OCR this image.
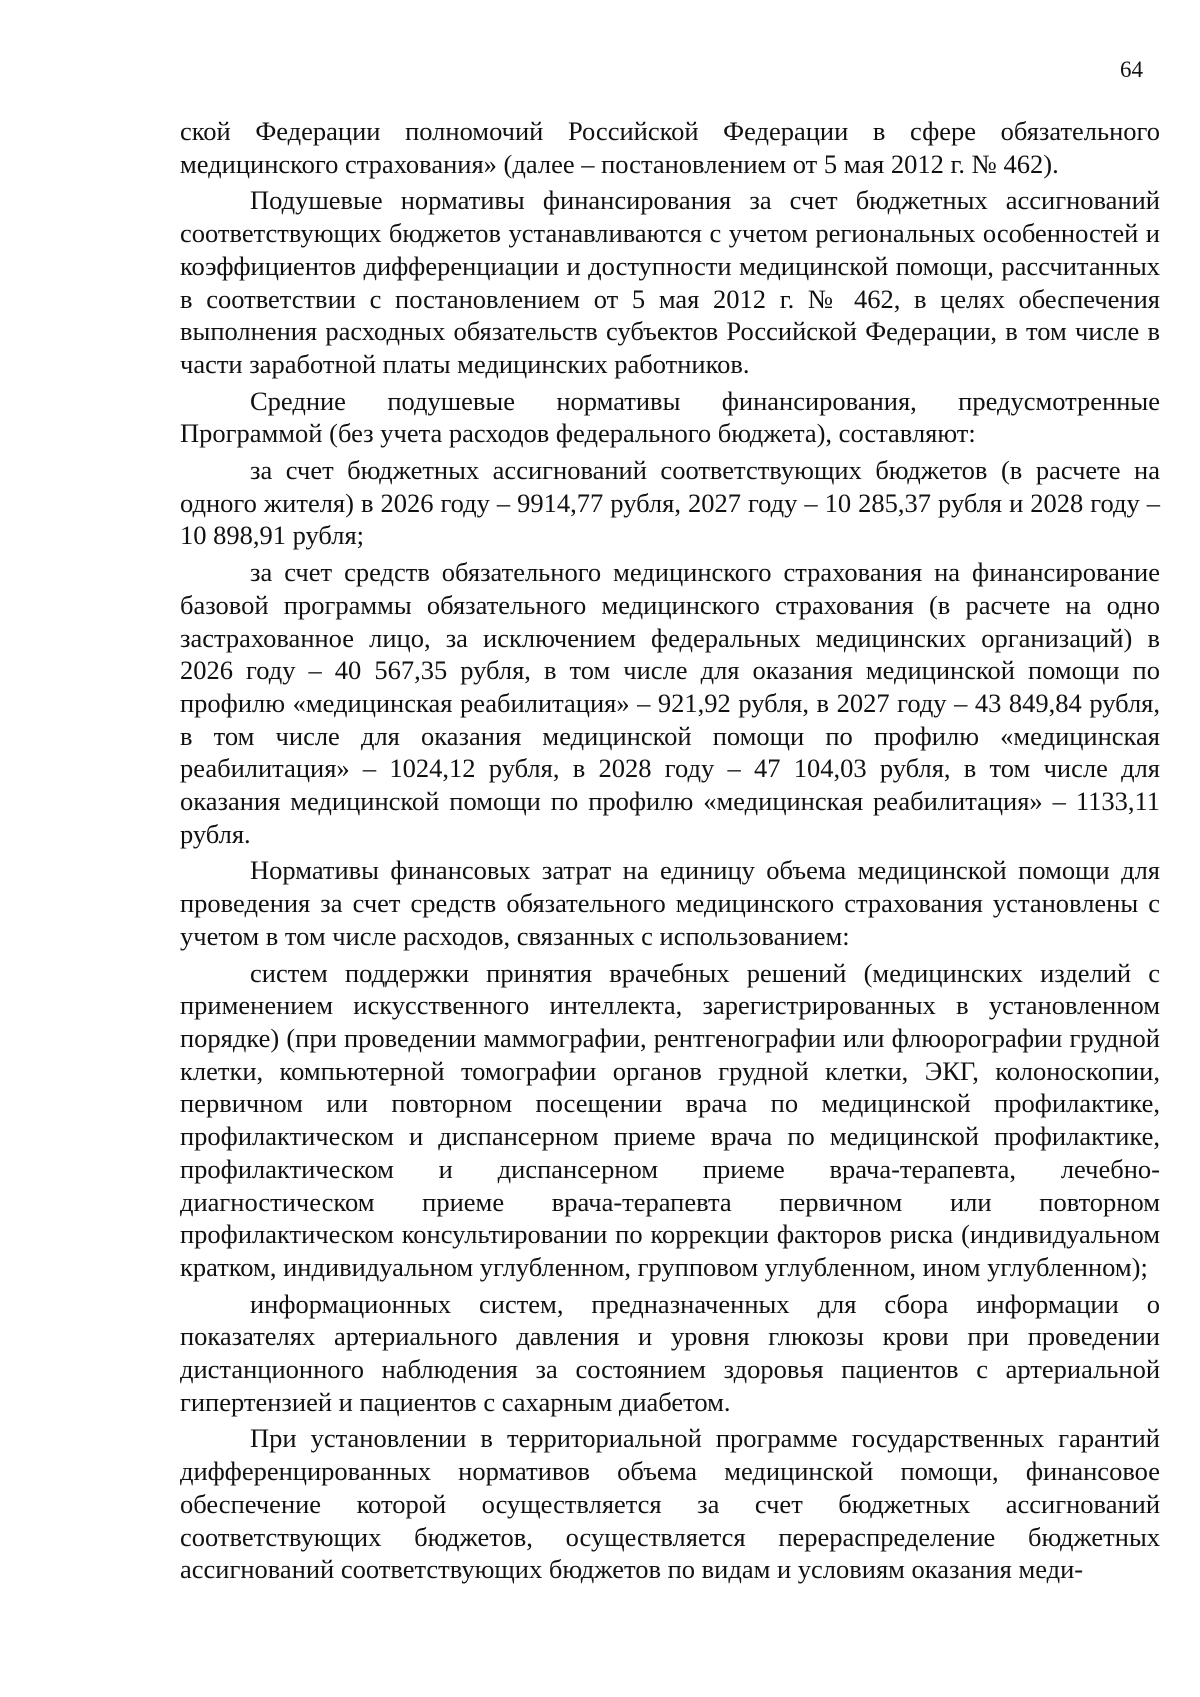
64

ской Федерации полномочий Российской Федерации в сфере обязательного медицинского страхования» (далее – постановлением от 5 мая 2012 г. № 462).

Подушевые нормативы финансирования за счет бюджетных ассигнований соответствующих бюджетов устанавливаются с учетом региональных особенностей и коэффициентов дифференциации и доступности медицинской помощи, рассчитанных в соответствии с постановлением от 5 мая 2012 г. № 462, в целях обеспечения выполнения расходных обязательств субъектов Российской Федерации, в том числе в части заработной платы медицинских работников.

Средние подушевые нормативы финансирования, предусмотренные Программой (без учета расходов федерального бюджета), составляют:

за счет бюджетных ассигнований соответствующих бюджетов (в расчете на одного жителя) в 2026 году – 9914,77 рубля, 2027 году – 10 285,37 рубля и 2028 году – 10 898,91 рубля;

за счет средств обязательного медицинского страхования на финансирование базовой программы обязательного медицинского страхования (в расчете на одно застрахованное лицо, за исключением федеральных медицинских организаций) в 2026 году – 40 567,35 рубля, в том числе для оказания медицинской помощи по профилю «медицинская реабилитация» – 921,92 рубля, в 2027 году – 43 849,84 рубля, в том числе для оказания медицинской помощи по профилю «медицинская реабилитация» – 1024,12 рубля, в 2028 году – 47 104,03 рубля, в том числе для оказания медицинской помощи по профилю «медицинская реабилитация» – 1133,11 рубля.

Нормативы финансовых затрат на единицу объема медицинской помощи для проведения за счет средств обязательного медицинского страхования установлены с учетом в том числе расходов, связанных с использованием:

систем поддержки принятия врачебных решений (медицинских изделий с применением искусственного интеллекта, зарегистрированных в установленном порядке) (при проведении маммографии, рентгенографии или флюорографии грудной клетки, компьютерной томографии органов грудной клетки, ЭКГ, колоноскопии, первичном или повторном посещении врача по медицинской профилактике, профилактическом и диспансерном приеме врача по медицинской профилактике, профилактическом и диспансерном приеме врача-терапевта, лечебно-диагностическом приеме врача-терапевта первичном или повторном профилактическом консультировании по коррекции факторов риска (индивидуальном кратком, индивидуальном углубленном, групповом углубленном, ином углубленном);

информационных систем, предназначенных для сбора информации о показателях артериального давления и уровня глюкозы крови при проведении дистанционного наблюдения за состоянием здоровья пациентов с артериальной гипертензией и пациентов с сахарным диабетом.

При установлении в территориальной программе государственных гарантий дифференцированных нормативов объема медицинской помощи, финансовое обеспечение которой осуществляется за счет бюджетных ассигнований соответствующих бюджетов, осуществляется перераспределение бюджетных ассигнований соответствующих бюджетов по видам и условиям оказания меди-
